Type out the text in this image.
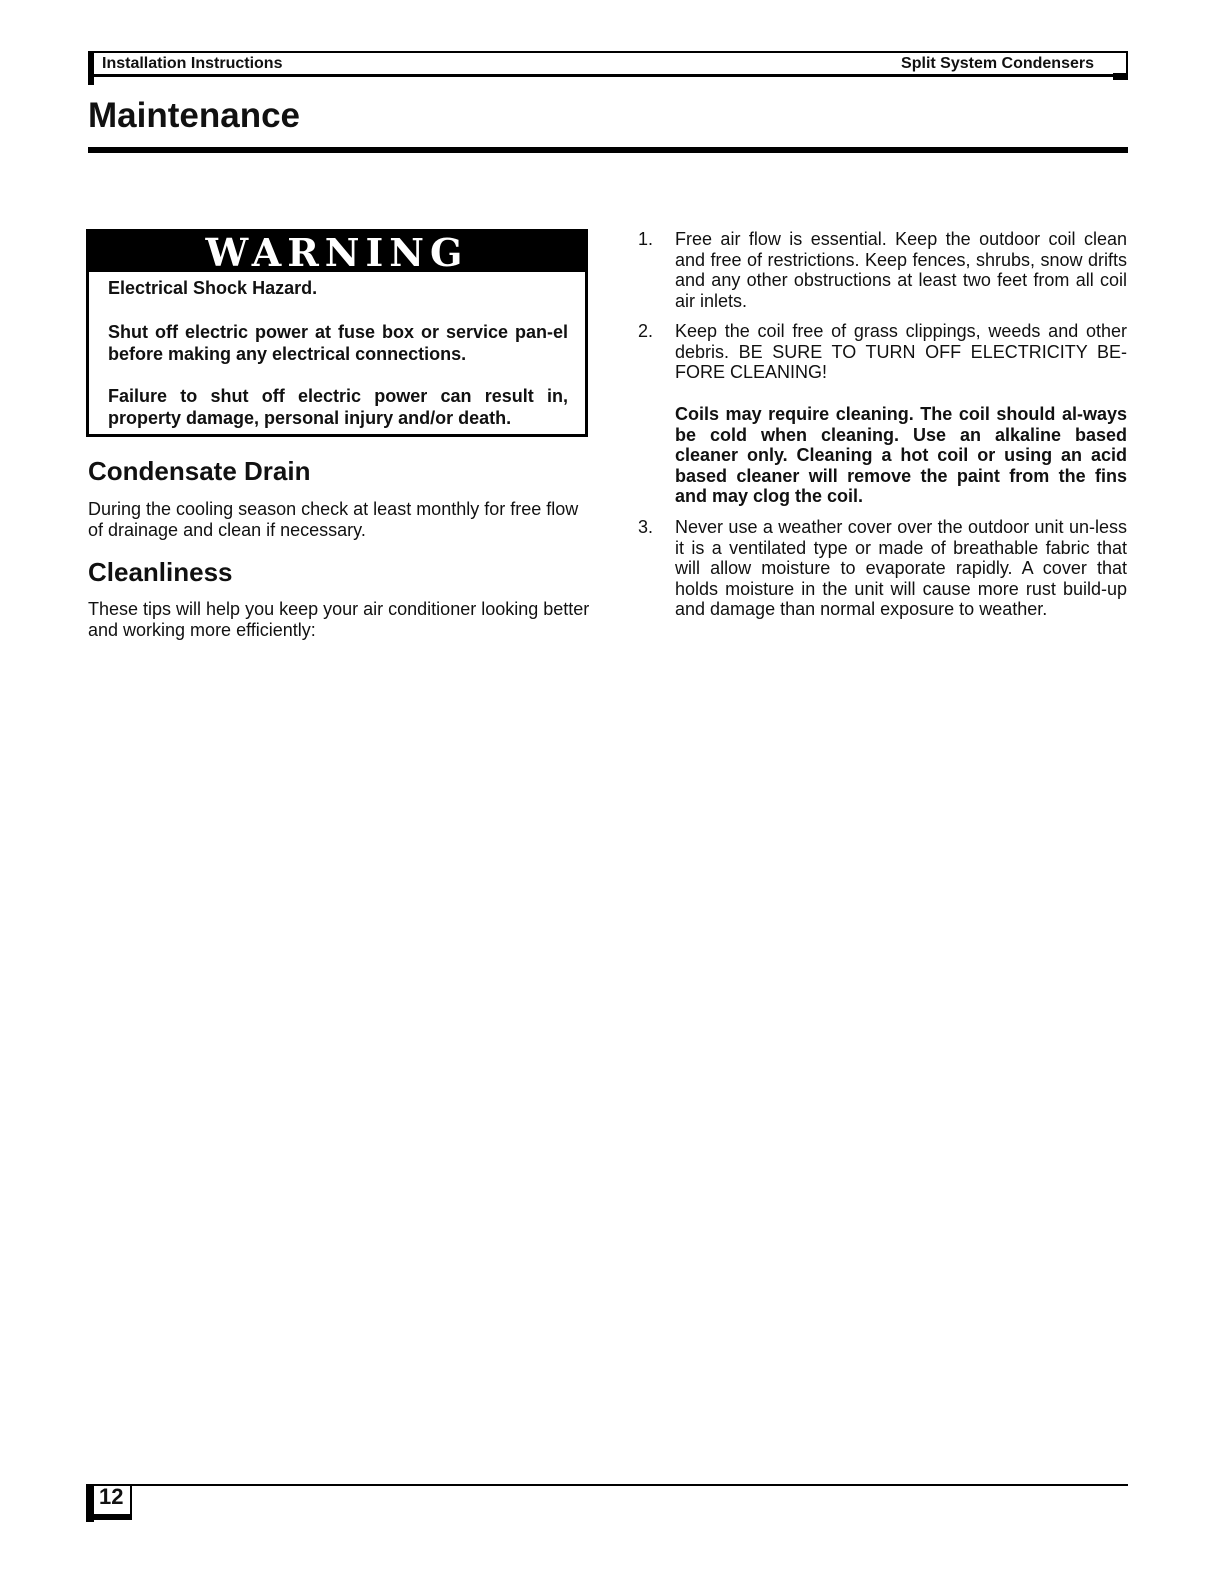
Installation Instructions	Split System Condensers
Maintenance
WARNING

Electrical Shock Hazard.

Shut off electric power at fuse box or service pan-el before making any electrical connections.

Failure to shut off electric power can result in, property damage, personal injury and/or death.

Condensate Drain

During the cooling season check at least monthly for free flow of drainage and clean if necessary.

Cleanliness

These tips will help you keep your air conditioner looking better and working more efficiently:

1. Free air flow is essential. Keep the outdoor coil clean and free of restrictions. Keep fences, shrubs, snow drifts and any other obstructions at least two feet from all coil air inlets.

2. Keep the coil free of grass clippings, weeds and other debris. BE SURE TO TURN OFF ELECTRICITY BE-FORE CLEANING!

Coils may require cleaning. The coil should al-ways be cold when cleaning. Use an alkaline based cleaner only. Cleaning a hot coil or using an acid based cleaner will remove the paint from the fins and may clog the coil.

3. Never use a weather cover over the outdoor unit un-less it is a ventilated type or made of breathable fabric that will allow moisture to evaporate rapidly. A cover that holds moisture in the unit will cause more rust build-up and damage than normal exposure to weather.

12
